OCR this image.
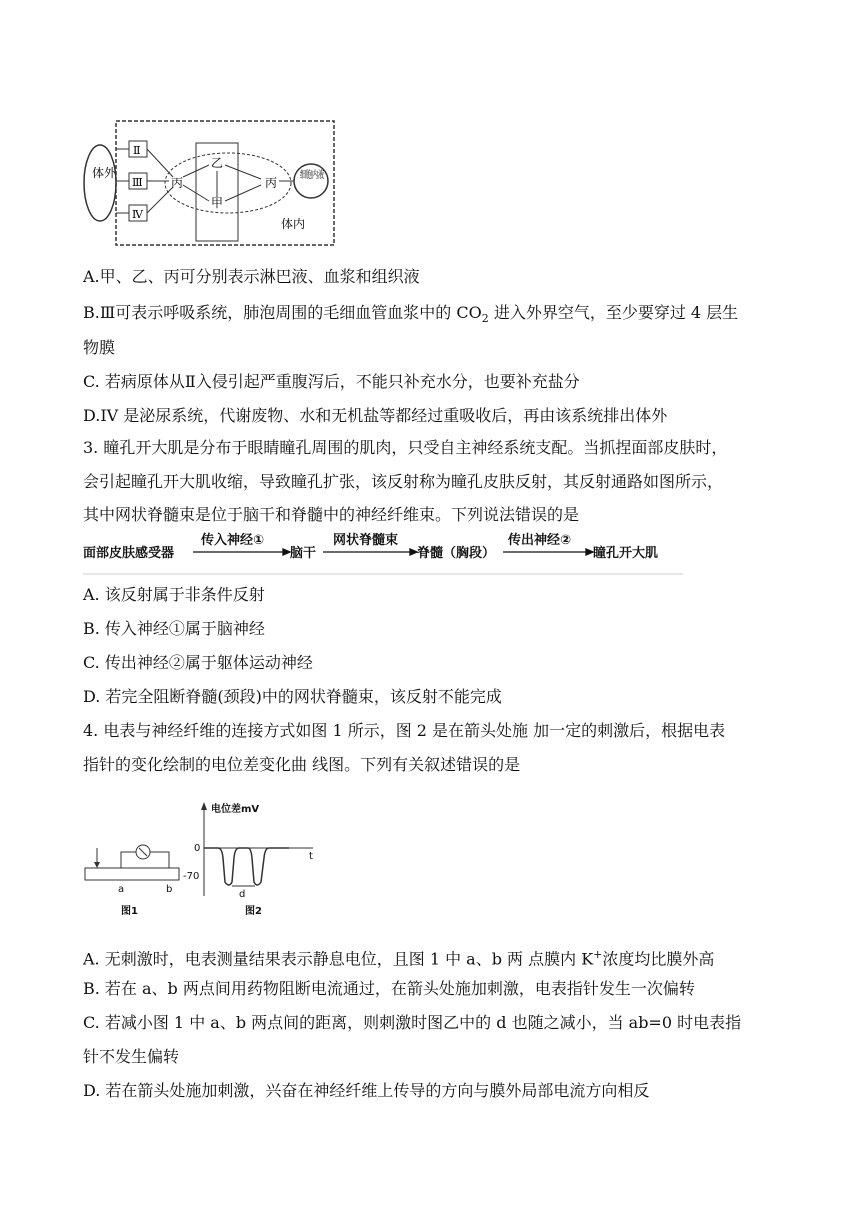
体外
Ⅱ
Ⅲ
Ⅳ
细胞内液
乙
丙
甲
丙
体内
A.甲、乙、丙可分别表示淋巴液、血浆和组织液
B.Ⅲ可表示呼吸系统，肺泡周围的毛细血管血浆中的 $CO_2$ 进入外界空气，至少要穿过 4 层生
物膜
C. 若病原体从Ⅱ入侵引起严重腹泻后，不能只补充水分，也要补充盐分
D.IV 是泌尿系统，代谢废物、水和无机盐等都经过重吸收后，再由该系统排出体外
3. 瞳孔开大肌是分布于眼睛瞳孔周围的肌肉，只受自主神经系统支配。当抓捏面部皮肤时，
会引起瞳孔开大肌收缩，导致瞳孔扩张，该反射称为瞳孔皮肤反射，其反射通路如图所示，
其中网状脊髓束是位于脑干和脊髓中的神经纤维束。下列说法错误的是
面部皮肤感受器
传入神经①
脑干
网状脊髓束
脊髓（胸段）
传出神经②
瞳孔开大肌
A. 该反射属于非条件反射
B. 传入神经①属于脑神经
C. 传出神经②属于躯体运动神经
D. 若完全阻断脊髓(颈段)中的网状脊髓束，该反射不能完成
4. 电表与神经纤维的连接方式如图 1 所示，图 2 是在箭头处施 加一定的刺激后，根据电表
指针的变化绘制的电位差变化曲 线图。下列有关叙述错误的是
a	b
图1
电位差mV
0
-70
t
d
图2
A. 无刺激时，电表测量结果表示静息电位，且图 1 中 a、b 两 点膜内 K+浓度均比膜外高
B. 若在 a、b 两点间用药物阻断电流通过，在箭头处施加刺激，电表指针发生一次偏转
C. 若减小图 1 中 a、b 两点间的距离，则刺激时图乙中的 d 也随之减小，当 ab=0 时电表指
针不发生偏转
D. 若在箭头处施加刺激，兴奋在神经纤维上传导的方向与膜外局部电流方向相反
